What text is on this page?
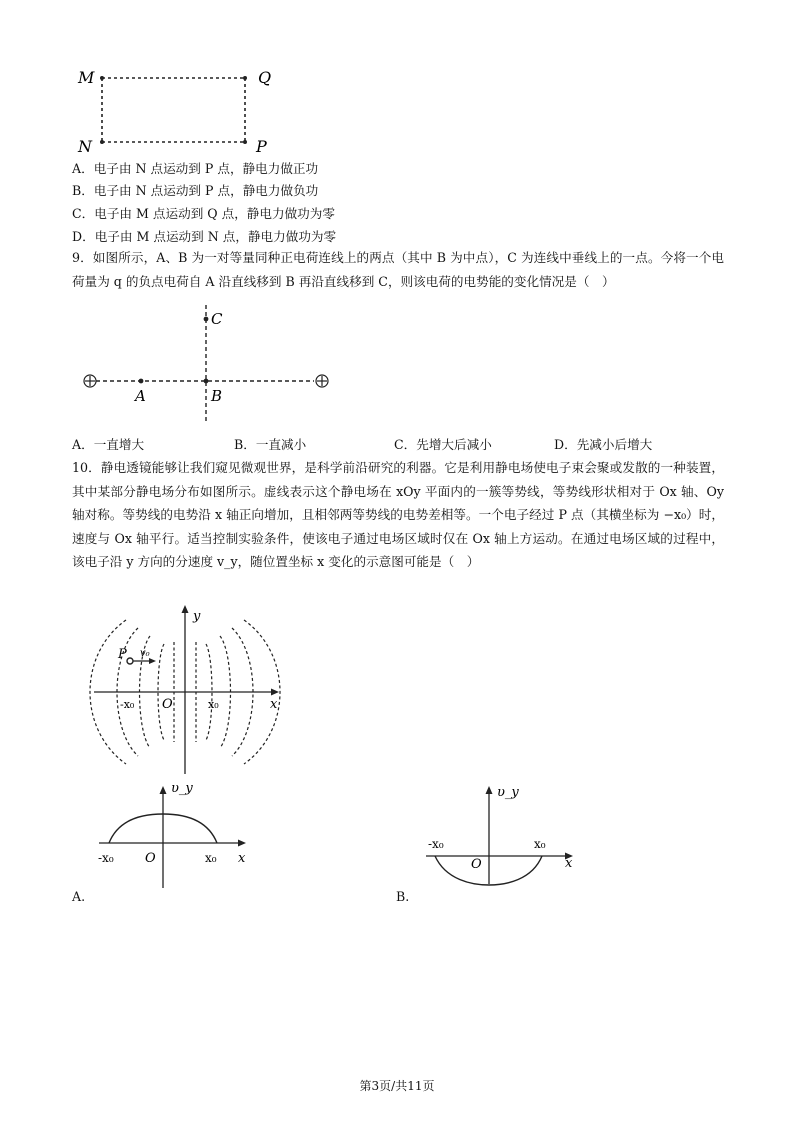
M	Q
N	P
A．电子由 N 点运动到 P 点，静电力做正功
B．电子由 N 点运动到 P 点，静电力做负功
C．电子由 M 点运动到 Q 点，静电力做功为零
D．电子由 M 点运动到 N 点，静电力做功为零
9．如图所示，A、B 为一对等量同种正电荷连线上的两点（其中 B 为中点），C 为连线中垂线上的一点。今将一个电荷量为 q 的负点电荷自 A 沿直线移到 B 再沿直线移到 C，则该电荷的电势能的变化情况是（　）
C
A	B
A．一直增大	B．一直减小	C．先增大后减小	D．先减小后增大
10．静电透镜能够让我们窥见微观世界，是科学前沿研究的利器。它是利用静电场使电子束会聚或发散的一种装置，其中某部分静电场分布如图所示。虚线表示这个静电场在 xOy 平面内的一簇等势线，等势线形状相对于 Ox 轴、Oy 轴对称。等势线的电势沿 x 轴正向增加，且相邻两等势线的电势差相等。一个电子经过 P 点（其横坐标为 −x₀）时，速度与 Ox 轴平行。适当控制实验条件，使该电子通过电场区域时仅在 Ox 轴上方运动。在通过电场区域的过程中，该电子沿 y 方向的分速度 v_y，随位置坐标 x 变化的示意图可能是（　）
P v₀
y
x
O
-x₀	x₀
υ_y
-x₀ O	x₀ x
A.
υ_y
-x₀
O
x₀
x
B.
第3页/共11页
